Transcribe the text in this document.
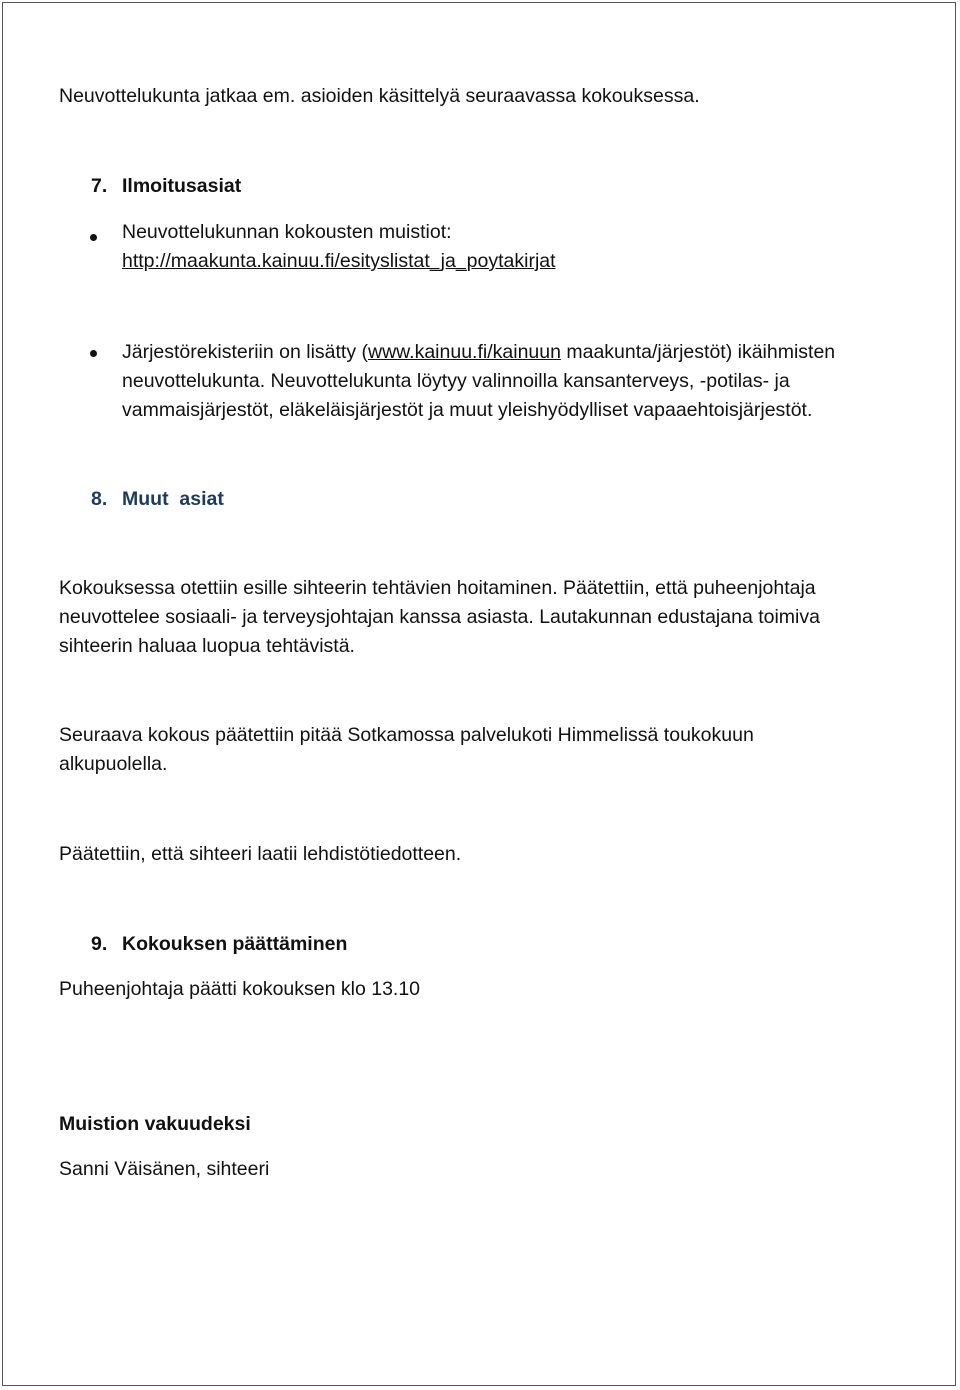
Neuvottelukunta jatkaa em. asioiden käsittelyä seuraavassa kokouksessa.

7. Ilmoitusasiat

Neuvottelukunnan kokousten muistiot:

http://maakunta.kainuu.fi/esityslistat_ja_poytakirjat

Järjestörekisteriin on lisätty (www.kainuu.fi/kainuun maakunta/järjestöt) ikäihmisten

neuvottelukunta. Neuvottelukunta löytyy valinnoilla kansanterveys, -potilas- ja

vammaisjärjestöt, eläkeläisjärjestöt ja muut yleishyödylliset vapaaehtoisjärjestöt.

8. Muut  asiat

Kokouksessa otettiin esille sihteerin tehtävien hoitaminen. Päätettiin, että puheenjohtaja

neuvottelee sosiaali- ja terveysjohtajan kanssa asiasta. Lautakunnan edustajana toimiva

sihteerin haluaa luopua tehtävistä.

Seuraava kokous päätettiin pitää Sotkamossa palvelukoti Himmelissä toukokuun

alkupuolella.

Päätettiin, että sihteeri laatii lehdistötiedotteen.

9. Kokouksen päättäminen

Puheenjohtaja päätti kokouksen klo 13.10

Muistion vakuudeksi

Sanni Väisänen, sihteeri
